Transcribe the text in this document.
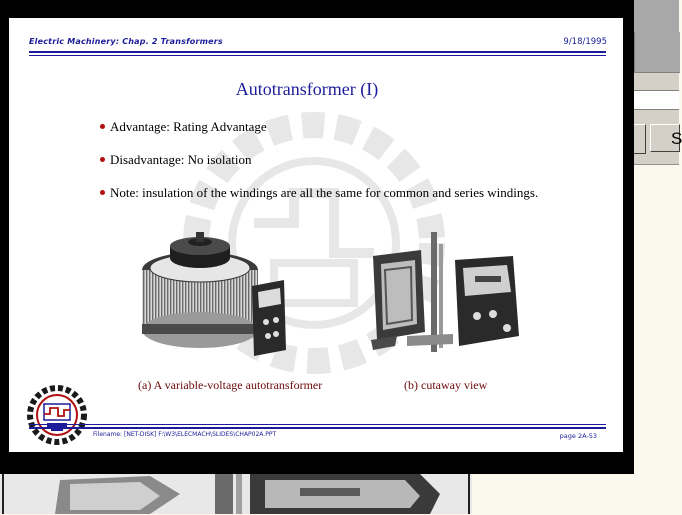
S
Electric Machinery: Chap. 2 Transformers	9/18/1995
Autotransformer (I)
Advantage: Rating Advantage
Disadvantage: No isolation
Note: insulation of the windings are all the same for common and series windings.
(a) A variable-voltage autotransformer	(b) cutaway view
Filename: [NET-DISK] F:\W3\ELECMACH\SLIDES\CHAP02A.PPT	page 2A-53
